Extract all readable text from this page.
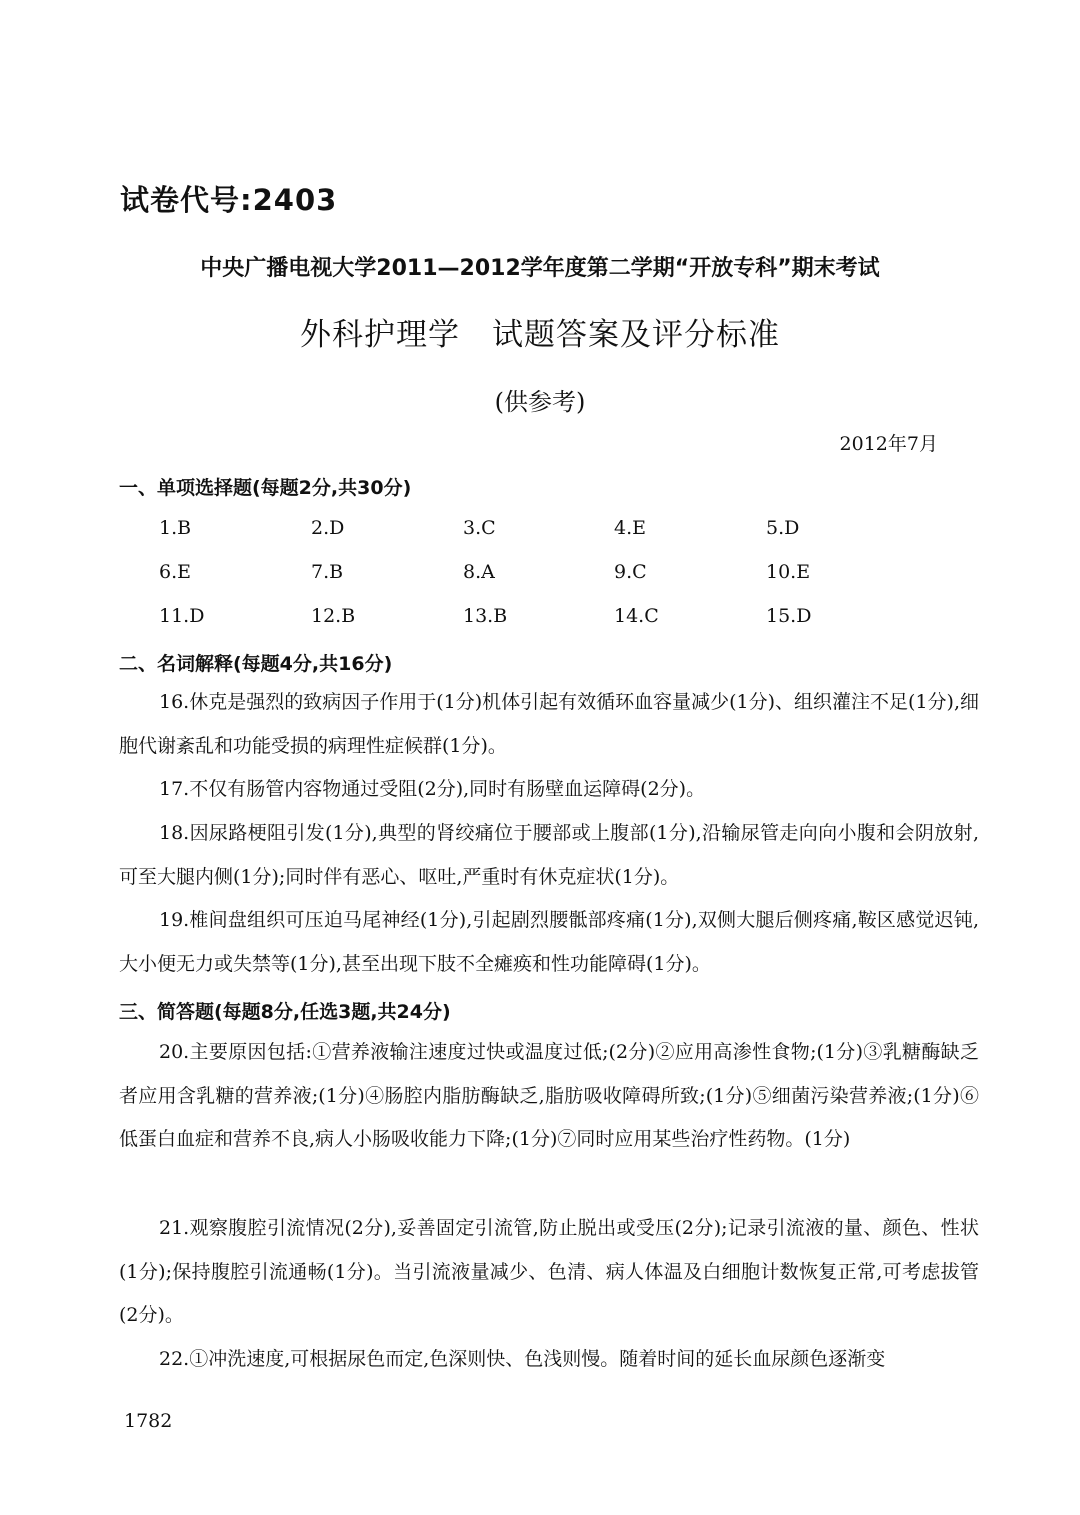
试卷代号:2403
中央广播电视大学2011—2012学年度第二学期“开放专科”期末考试
外科护理学 试题答案及评分标准
(供参考)
2012年7月
一、单项选择题(每题2分,共30分)
1.B	2.D	3.C	4.E	5.D
6.E	7.B	8.A	9.C	10.E
11.D	12.B	13.B	14.C	15.D
二、名词解释(每题4分,共16分)
16.休克是强烈的致病因子作用于(1分)机体引起有效循环血容量减少(1分)、组织灌注不足(1分),细胞代谢紊乱和功能受损的病理性症候群(1分)。
17.不仅有肠管内容物通过受阻(2分),同时有肠壁血运障碍(2分)。
18.因尿路梗阻引发(1分),典型的肾绞痛位于腰部或上腹部(1分),沿输尿管走向向小腹和会阴放射,可至大腿内侧(1分);同时伴有恶心、呕吐,严重时有休克症状(1分)。
19.椎间盘组织可压迫马尾神经(1分),引起剧烈腰骶部疼痛(1分),双侧大腿后侧疼痛,鞍区感觉迟钝,大小便无力或失禁等(1分),甚至出现下肢不全瘫痪和性功能障碍(1分)。
三、简答题(每题8分,任选3题,共24分)
20.主要原因包括:①营养液输注速度过快或温度过低;(2分)②应用高渗性食物;(1分)③乳糖酶缺乏者应用含乳糖的营养液;(1分)④肠腔内脂肪酶缺乏,脂肪吸收障碍所致;(1分)⑤细菌污染营养液;(1分)⑥低蛋白血症和营养不良,病人小肠吸收能力下降;(1分)⑦同时应用某些治疗性药物。(1分)
21.观察腹腔引流情况(2分),妥善固定引流管,防止脱出或受压(2分);记录引流液的量、颜色、性状(1分);保持腹腔引流通畅(1分)。当引流液量减少、色清、病人体温及白细胞计数恢复正常,可考虑拔管(2分)。
22.①冲洗速度,可根据尿色而定,色深则快、色浅则慢。随着时间的延长血尿颜色逐渐变
1782
